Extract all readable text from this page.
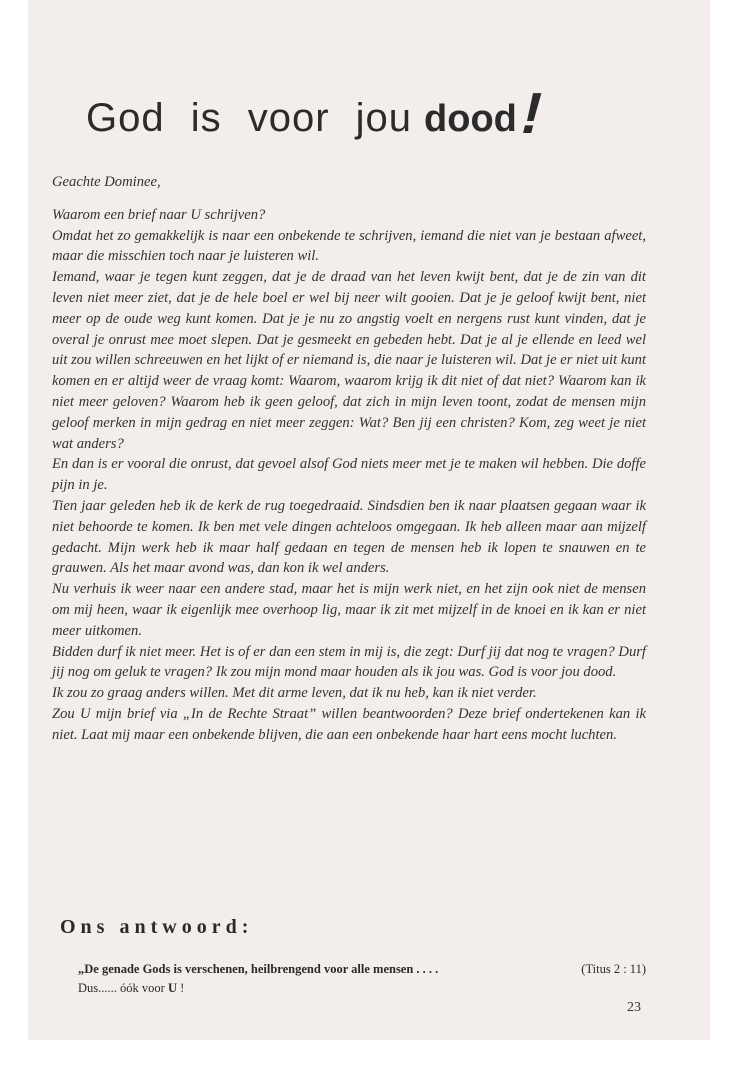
God is voor jou dood!

Geachte Dominee,

Waarom een brief naar U schrijven?

Omdat het zo gemakkelijk is naar een onbekende te schrijven, iemand die niet van je bestaan afweet, maar die misschien toch naar je luisteren wil.

Iemand, waar je tegen kunt zeggen, dat je de draad van het leven kwijt bent, dat je de zin van dit leven niet meer ziet, dat je de hele boel er wel bij neer wilt gooien. Dat je je geloof kwijt bent, niet meer op de oude weg kunt komen. Dat je je nu zo angstig voelt en nergens rust kunt vinden, dat je overal je onrust mee moet slepen. Dat je gesmeekt en gebeden hebt. Dat je al je ellende en leed wel uit zou willen schreeuwen en het lijkt of er niemand is, die naar je luisteren wil. Dat je er niet uit kunt komen en er altijd weer de vraag komt: Waarom, waarom krijg ik dit niet of dat niet? Waarom kan ik niet meer geloven? Waarom heb ik geen geloof, dat zich in mijn leven toont, zodat de mensen mijn geloof merken in mijn gedrag en niet meer zeggen: Wat? Ben jij een christen? Kom, zeg weet je niet wat anders?

En dan is er vooral die onrust, dat gevoel alsof God niets meer met je te maken wil hebben. Die doffe pijn in je.

Tien jaar geleden heb ik de kerk de rug toegedraaid. Sindsdien ben ik naar plaatsen gegaan waar ik niet behoorde te komen. Ik ben met vele dingen achteloos omgegaan. Ik heb alleen maar aan mijzelf gedacht. Mijn werk heb ik maar half gedaan en tegen de mensen heb ik lopen te snauwen en te grauwen. Als het maar avond was, dan kon ik wel anders.

Nu verhuis ik weer naar een andere stad, maar het is mijn werk niet, en het zijn ook niet de mensen om mij heen, waar ik eigenlijk mee overhoop lig, maar ik zit met mijzelf in de knoei en ik kan er niet meer uitkomen.

Bidden durf ik niet meer. Het is of er dan een stem in mij is, die zegt: Durf jij dat nog te vragen? Durf jij nog om geluk te vragen? Ik zou mijn mond maar houden als ik jou was. God is voor jou dood.

Ik zou zo graag anders willen. Met dit arme leven, dat ik nu heb, kan ik niet verder.

Zou U mijn brief via „In de Rechte Straat” willen beantwoorden? Deze brief ondertekenen kan ik niet. Laat mij maar een onbekende blijven, die aan een onbekende haar hart eens mocht luchten.

Ons antwoord:
„De genade Gods is verschenen, heilbrengend voor alle mensen . . . .	(Titus 2 : 11)
Dus...... óók voor U !
23
